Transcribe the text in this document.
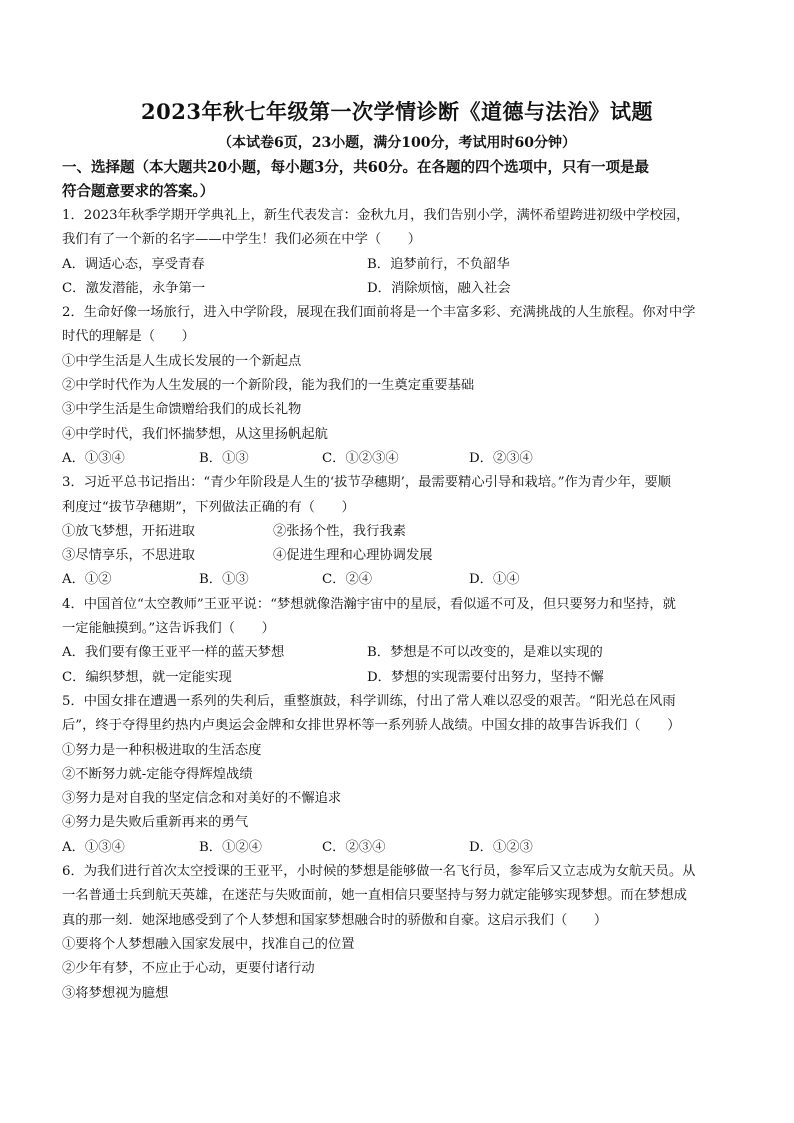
2023年秋七年级第一次学情诊断《道德与法治》试题
（本试卷6页，23小题，满分100分，考试用时60分钟）
一、选择题（本大题共20小题，每小题3分，共60分。在各题的四个选项中，只有一项是最
符合题意要求的答案。）
1．2023年秋季学期开学典礼上，新生代表发言：金秋九月，我们告别小学，满怀希望跨进初级中学校园，
我们有了一个新的名字——中学生！我们必须在中学（　　）
A．调适心态，享受青春	B．追梦前行，不负韶华
C．激发潜能，永争第一	D．消除烦恼，融入社会
2．生命好像一场旅行，进入中学阶段，展现在我们面前将是一个丰富多彩、充满挑战的人生旅程。你对中学
时代的理解是（　　）
①中学生活是人生成长发展的一个新起点
②中学时代作为人生发展的一个新阶段，能为我们的一生奠定重要基础
③中学生活是生命馈赠给我们的成长礼物
④中学时代，我们怀揣梦想，从这里扬帆起航
A．①③④	B．①③	C．①②③④	D．②③④
3．习近平总书记指出：“青少年阶段是人生的‘拔节孕穗期’，最需要精心引导和栽培。”作为青少年，要顺
利度过“拔节孕穗期”，下列做法正确的有（　　）
①放飞梦想，开拓进取	②张扬个性，我行我素
③尽情享乐，不思进取	④促进生理和心理协调发展
A．①②	B．①③	C．②④	D．①④
4．中国首位“太空教师”王亚平说：“梦想就像浩瀚宇宙中的星辰，看似遥不可及，但只要努力和坚持，就
一定能触摸到。”这告诉我们（　　）
A．我们要有像王亚平一样的蓝天梦想	B．梦想是不可以改变的，是难以实现的
C．编织梦想，就一定能实现	D．梦想的实现需要付出努力，坚持不懈
5．中国女排在遭遇一系列的失利后，重整旗鼓，科学训练，付出了常人难以忍受的艰苦。“阳光总在风雨
后”，终于夺得里约热内卢奥运会金牌和女排世界杯等一系列骄人战绩。中国女排的故事告诉我们（　　）
①努力是一种积极进取的生活态度
②不断努力就-定能夺得辉煌战绩
③努力是对自我的坚定信念和对美好的不懈追求
④努力是失败后重新再来的勇气
A．①③④	B．①②④	C．②③④	D．①②③
6．为我们进行首次太空授课的王亚平，小时候的梦想是能够做一名飞行员，参军后又立志成为女航天员。从
一名普通士兵到航天英雄，在迷茫与失败面前，她一直相信只要坚持与努力就定能够实现梦想。而在梦想成
真的那一刻．她深地感受到了个人梦想和国家梦想融合时的骄傲和自豪。这启示我们（　　）
①要将个人梦想融入国家发展中，找准自己的位置
②少年有梦，不应止于心动，更要付诸行动
③将梦想视为臆想
